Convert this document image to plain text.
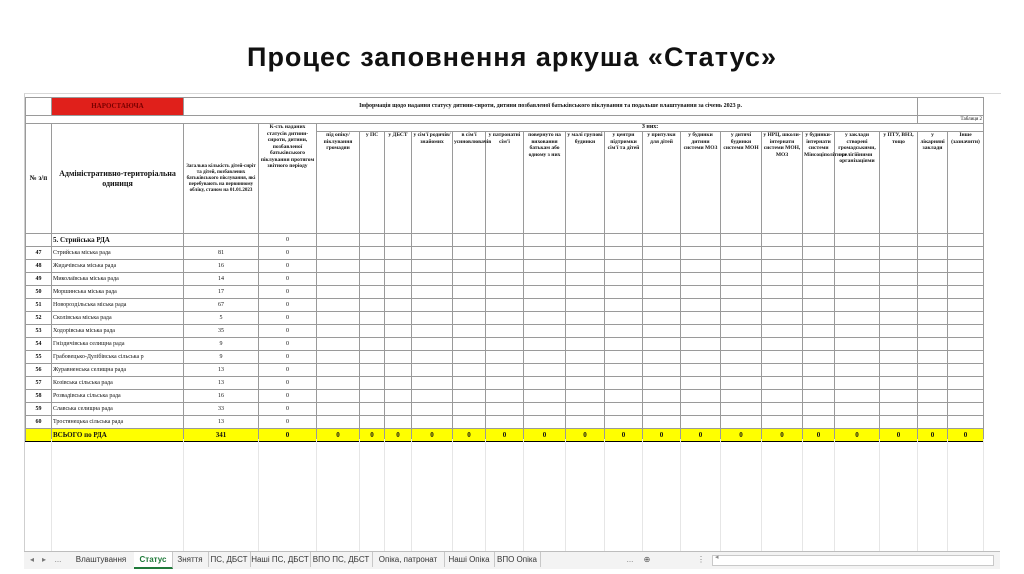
Процес заповнення аркуша «Статус»
	НАРОСТАЮЧА	Інформація щодо надання статусу дитини-сироти, дитини позбавленої батьківського піклування та подальше влаштування за січень 2023 р.																			
																				Таблиця 2	
№ з/п	Адміністративно-територіальна одиниця	Загальна кількість дітей-сиріт та дітей, позбавлених батьківського піклування, які перебувають на первинному обліку, станом на 01.01.2023	К-сть наданих статусів дитини-сироти, дитини, позбавленої батьківського піклування протягом звітного періоду	З них:																	
				під опіку/піклування громадян	у ПС	у ДБСТ	у сім'ї родичів/знайомих	в сім'ї усиновлювачів	у патронатні сім'ї	повернуто на виховання батькам або одному з них	у малі групові будинки	у центри підтримки сім'ї та дітей	у притулки для дітей	у будинки дитини системи МОЗ	у дитячі будинки системи МОН	у НРЦ, школи-інтернати системи МОН, МОЗ	у будинки-інтернати системи Мінсоціполітики	у заклади створені громадськими, релігійними організаціями	у ПТУ, ВНЗ, тощо	у лікарняні заклади	Інше (зазначити)
	5. Стрийська РДА		0																		
47	Стрийська міська рада	81	0																		
48	Жидачівська міська рада	16	0																		
49	Миколаївська міська рада	14	0																		
50	Моршинська міська рада	17	0																		
51	Новороздільська міська рада	67	0																		
52	Сколівська міська рада	5	0																		
53	Ходорівська міська рада	35	0																		
54	Гніздичівська селищна рада	9	0																		
55	Грабовецько-Дулібівська сільська р	9	0																		
56	Журавненська селищна рада	13	0																		
57	Козівська сільська рада	13	0																		
58	Розвадівська сільська рада	16	0																		
59	Славська селищна рада	33	0																		
60	Тростянецька сільська рада	13	0																		
	ВСЬОГО по РДА	341	0	0	0	0	0	0	0	0	0	0	0	0	0	0	0	0	0	0	0
◂ ▸	...	Влаштування	Статус	Зняття ПС, ДБСТ Наші ПС, ДБСТ ВПО ПС, ДБСТ	Опіка, патронат	Наші Опіка ВПО Опіка	...	⊕	⋮ ◂
